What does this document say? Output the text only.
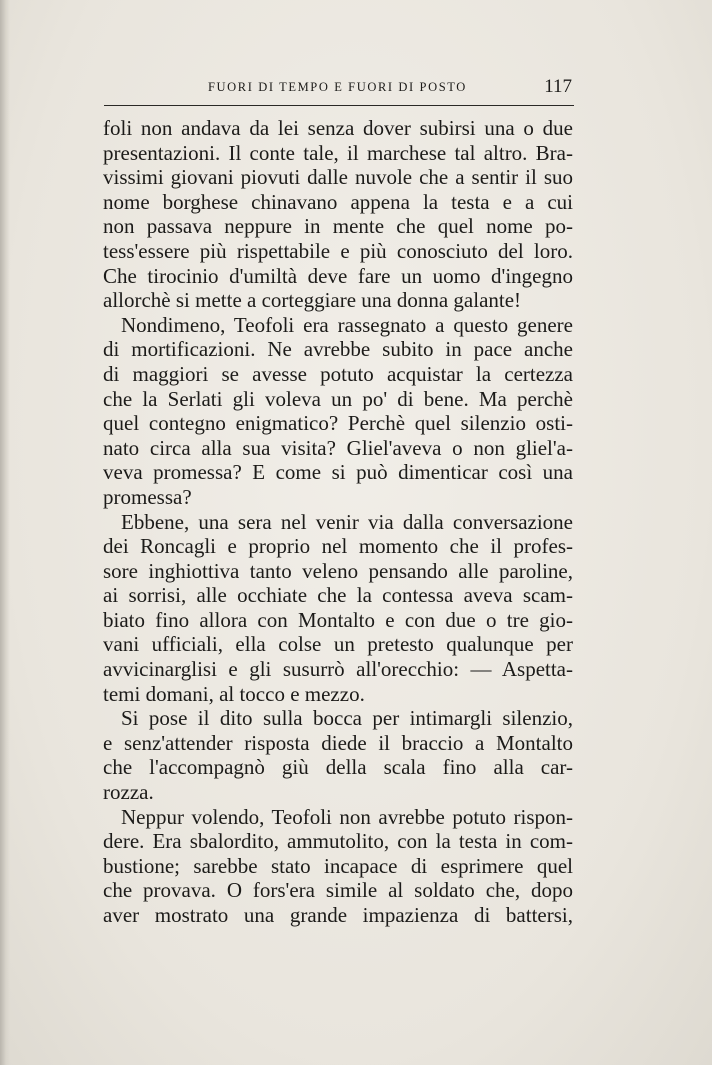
FUORI DI TEMPO E FUORI DI POSTO	117
foli non andava da lei senza dover subirsi una o due
presentazioni. Il conte tale, il marchese tal altro. Bra-
vissimi giovani piovuti dalle nuvole che a sentir il suo
nome borghese chinavano appena la testa e a cui
non passava neppure in mente che quel nome po-
tess'essere più rispettabile e più conosciuto del loro.
Che tirocinio d'umiltà deve fare un uomo d'ingegno
allorchè si mette a corteggiare una donna galante!
Nondimeno, Teofoli era rassegnato a questo genere
di mortificazioni. Ne avrebbe subito in pace anche
di maggiori se avesse potuto acquistar la certezza
che la Serlati gli voleva un po' di bene. Ma perchè
quel contegno enigmatico? Perchè quel silenzio osti-
nato circa alla sua visita? Gliel'aveva o non gliel'a-
veva promessa? E come si può dimenticar così una
promessa?
Ebbene, una sera nel venir via dalla conversazione
dei Roncagli e proprio nel momento che il profes-
sore inghiottiva tanto veleno pensando alle paroline,
ai sorrisi, alle occhiate che la contessa aveva scam-
biato fino allora con Montalto e con due o tre gio-
vani ufficiali, ella colse un pretesto qualunque per
avvicinarglisi e gli susurrò all'orecchio: — Aspetta-
temi domani, al tocco e mezzo.
Si pose il dito sulla bocca per intimargli silenzio,
e senz'attender risposta diede il braccio a Montalto
che l'accompagnò giù della scala fino alla car-
rozza.
Neppur volendo, Teofoli non avrebbe potuto rispon-
dere. Era sbalordito, ammutolito, con la testa in com-
bustione; sarebbe stato incapace di esprimere quel
che provava. O fors'era simile al soldato che, dopo
aver mostrato una grande impazienza di battersi,
